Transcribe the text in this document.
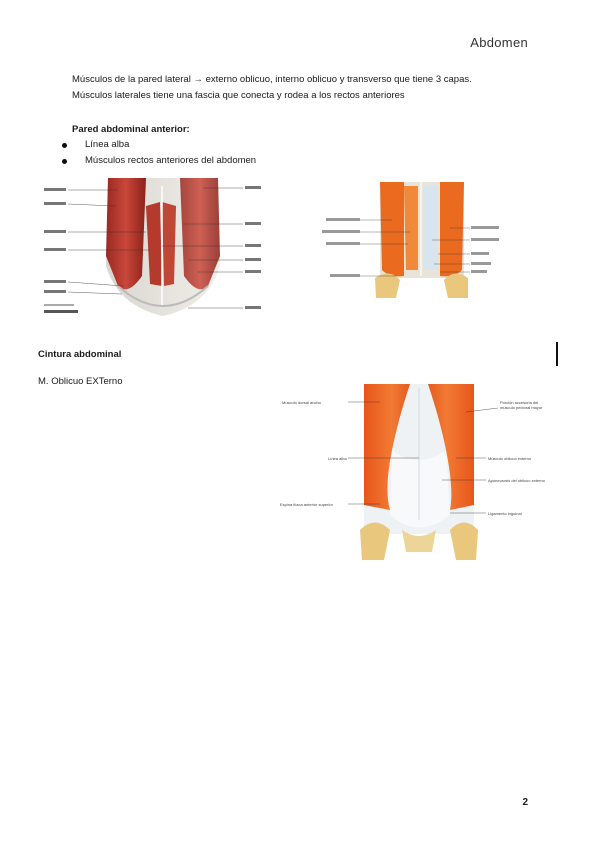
Abdomen
Músculos de la pared lateral → externo oblicuo, interno oblicuo y transverso que tiene 3 capas.
Músculos laterales tiene una fascia que conecta y rodea a los rectos anteriores
Pared abdominal anterior:
Línea alba
Músculos rectos anteriores del abdomen
Cintura abdominal
M. Oblicuo EXTerno
Músculo dorsal ancho
Línea alba
Espina ilíaca anterior superior
Porción accesoria del músculo pectoral mayor
Músculo oblicuo externo
Aponeurosis del oblicuo externo
Ligamento inguinal
2
